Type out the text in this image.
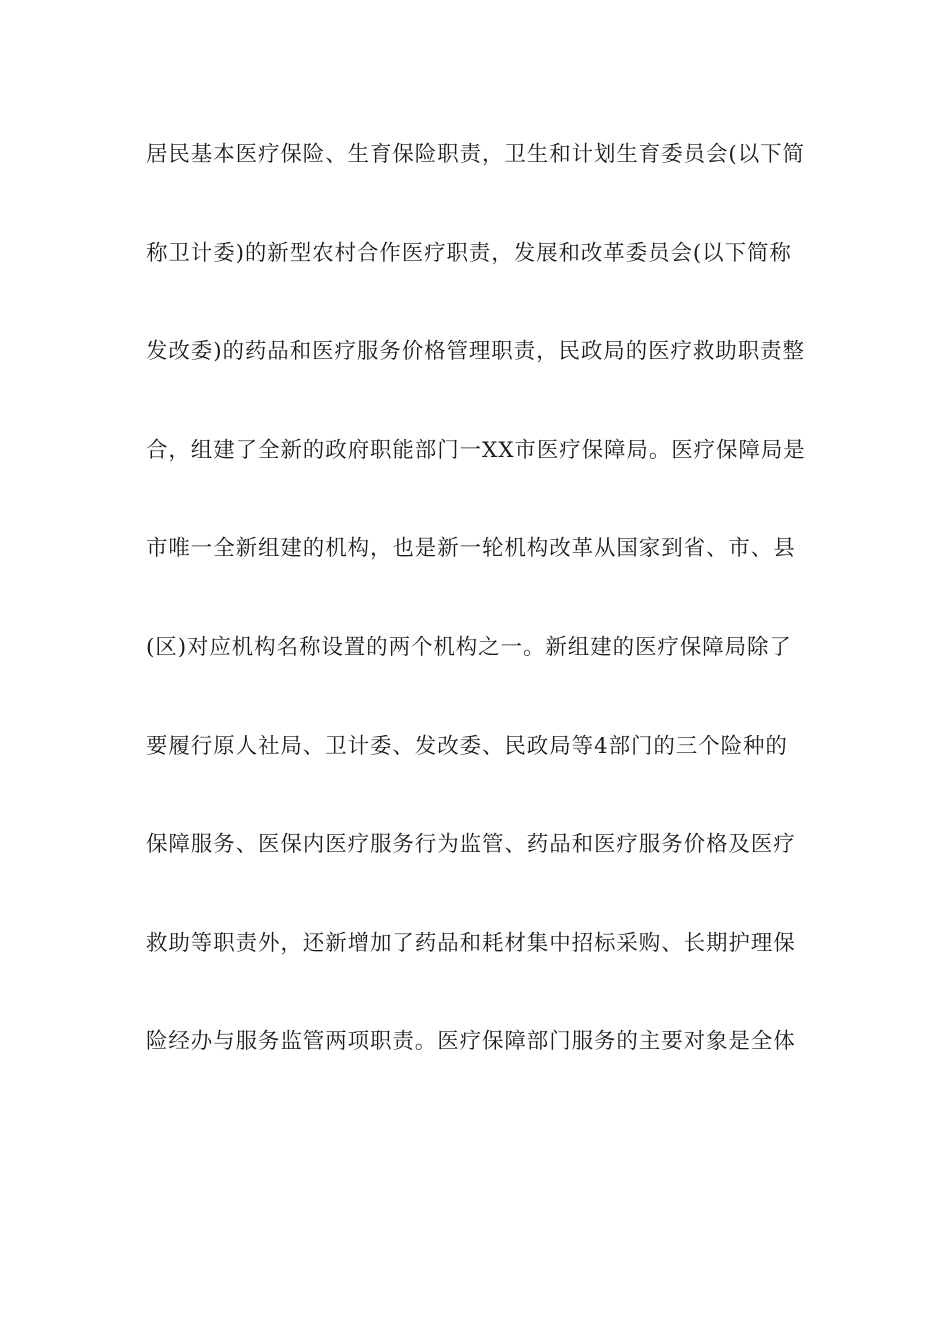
居民基本医疗保险、生育保险职责，卫生和计划生育委员会(以下简
称卫计委)的新型农村合作医疗职责，发展和改革委员会(以下简称
发改委)的药品和医疗服务价格管理职责，民政局的医疗救助职责整
合，组建了全新的政府职能部门一XX市医疗保障局。医疗保障局是
市唯一全新组建的机构，也是新一轮机构改革从国家到省、市、县
(区)对应机构名称设置的两个机构之一。新组建的医疗保障局除了
要履行原人社局、卫计委、发改委、民政局等4部门的三个险种的
保障服务、医保内医疗服务行为监管、药品和医疗服务价格及医疗
救助等职责外，还新增加了药品和耗材集中招标采购、长期护理保
险经办与服务监管两项职责。医疗保障部门服务的主要对象是全体
